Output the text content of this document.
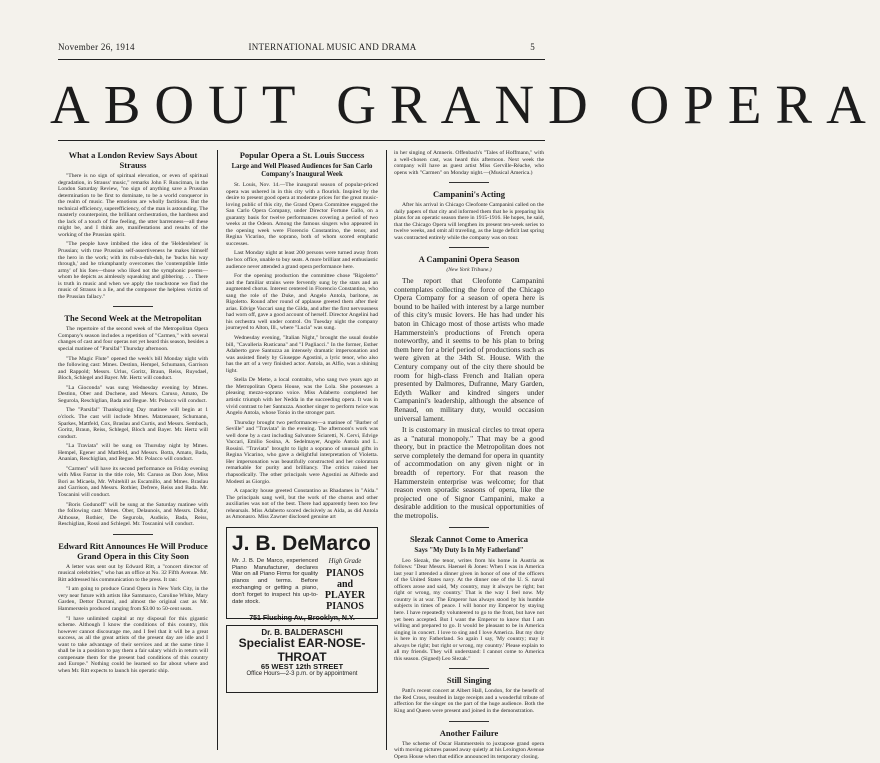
November 26, 1914	INTERNATIONAL MUSIC AND DRAMA	5
ABOUT GRAND OPERA
What a London Review Says About Strauss

"There is no sign of spiritual elevation, or even of spiritual degradation, in Strauss' music," remarks John F. Runciman, in the London Saturday Review, "no sign of anything save a Prussian determination to be first to dominate, to be a world conqueror in the realm of music. The emotions are wholly factitious. But the technical efficiency, superefficiency, of the man is astounding. The masterly counterpoint, the brilliant orchestration, the hardness and the lack of a touch of fine feeling, the utter barrenness—all these might be, and I think are, manifestations and results of the working of the Prussian spirit.

"The people have imbibed the idea of the 'Heldenleben' is Prussian; with true Prussian self-assertiveness he makes himself the hero in the work; with its rub-a-dub-dub, he 'bucks his way through,' and he triumphantly overcomes the 'contemptible little army' of his foes—those who liked not the symphonic poems—whom he depicts as aimlessly squeaking and gibbering. . . . There is truth in music and when we apply the touchstone we find the music of Strauss is a lie, and the composer the helpless victim of the Prussian fallacy."

The Second Week at the Metropolitan

The repertoire of the second week of the Metropolitan Opera Company's season includes a repetition of "Carmen," with several changes of cast and four operas not yet heard this season, besides a special matinee of "Parsifal" Thursday afternoon.

"The Magic Flute" opened the week's bill Monday night with the following cast: Mmes. Destinn, Hempel, Schumann, Garrison and Rappold; Messrs. Urlus, Goritz, Braun, Reiss, Ruysdael, Bloch, Schlegel and Bayer. Mr. Hertz will conduct.

"La Gioconda" was sung Wednesday evening by Mmes. Destinn, Ober and Duchene, and Messrs. Caruso, Amato, De Segurola, Reschiglian, Bada and Begue. Mr. Polacco will conduct.

The "Parsifal" Thanksgiving Day matinee will begin at 1 o'clock. The cast will include Mmes. Matzenauer, Schumann, Sparkes, Mattfeld, Cox, Braslau and Curtis, and Messrs. Sembach, Goritz, Braun, Reiss, Schlegel, Bloch and Bayer. Mr. Hertz will conduct.

"La Traviata" will be sung on Thursday night by Mmes. Hempel, Egener and Mattfeld, and Messrs. Botta, Amato, Bada, Ananian, Reschiglian, and Begue. Mr. Polacco will conduct.

"Carmen" will have its second performance on Friday evening with Miss Farrar in the title role, Mr. Caruso as Don Jose, Miss Bori as Micaela, Mr. Whitehill as Escamillo, and Mmes. Braslau and Garrison, and Messrs. Rothier, Defrere, Reiss and Bada. Mr. Toscanini will conduct.

"Boris Godunoff" will be sung at the Saturday matinee with the following cast: Mmes. Ober, Delaunois, and Messrs. Didur, Althouse, Rothier, De Segurola, Audisio, Bada, Reiss, Reschiglian, Rossi and Schlegel. Mr. Toscanini will conduct.

Edward Ritt Announces He Will Produce Grand Opera in this City Soon

A letter was sent out by Edward Ritt, a "concert director of musical celebrities," who has an office at No. 32 Fifth Avenue. Mr. Ritt addressed his communication to the press. It ran:

"I am going to produce Grand Opera in New York City, in the very near future with artists like Sammarco, Caroline White, Mary Garden, Dettor Durrani, and almost the original cast as Mr. Hammerstein produced ranging from $3.00 to 50-cent seats.

"I have unlimited capital at my disposal for this gigantic scheme. Although I know the conditions of this country, this however cannot discourage me, and I feel that it will be a great success, as all the great artists of the present day are idle and I want to take advantage of their services and at the same time I shall be in a position to pay them a fair salary which in return will compensate them for the present bad conditions of this country and Europe." Nothing could be learned so far about where and when Mr. Ritt expects to launch his operatic ship.

Popular Opera a St. Louis Success
Large and Well Pleased Audiences for San Carlo Company's Inaugural Week

St. Louis, Nov. 14.—The inaugural season of popular-priced opera was ushered in in this city with a flourish. Inspired by the desire to present good opera at moderate prices for the great music-loving public of this city, the Grand Opera Committee engaged the San Carlo Opera Company, under Director Fortune Gallo, on a guaranty basis for twelve performances covering a period of two weeks at the Odeon. Among the famous singers who appeared in the opening week were Florencio Constantino, the tenor, and Regina Vicarino, the soprano, both of whom scored emphatic successes.

Last Monday night at least 200 persons were turned away from the box office, unable to buy seats. A more brilliant and enthusiastic audience never attended a grand opera performance here.

For the opening production the committee chose "Rigoletto" and the familiar strains were fervently sung by the stars and an augmented chorus. Interest centered in Florencio Constantino, who sang the role of the Duke, and Angelo Antola, baritone, as Rigoletto. Round after round of applause greeted them after their arias. Edvige Vaccari sang the Gilda, and after the first nervousness had worn off, gave a good account of herself. Director Angelini had his orchestra well under control. On Tuesday night the company journeyed to Alton, Ill., where "Lucia" was sung.

Wednesday evening, "Italian Night," brought the usual double bill, "Cavalleria Rusticana" and "I Pagliacci." In the former, Esther Adaberto gave Santuzza an intensely dramatic impersonation and was assisted finely by Giuseppe Agostini, a lyric tenor, who also has the art of a very finished actor. Antola, as Alfio, was a shining light.

Stella De Mette, a local contralto, who sang two years ago at the Metropolitan Opera House, was the Lola. She possesses a pleasing mezzo-soprano voice. Miss Adaberto completed her artistic triumph with her Nedda in the succeeding opera. It was in vivid contrast to her Santuzza. Another singer to perform twice was Angelo Antola, whose Tonio in the stronger part.

Thursday brought two performances—a matinee of "Barber of Seville" and "Traviata" in the evening. The afternoon's work was well done by a cast including Salvatore Sciaretti, N. Cervi, Edvige Vaccari, Emilio Sosina, A. Sedelmayer, Angelo Antola and L. Rossini. "Traviata" brought to light a soprano of unusual gifts in Regina Vicarino, who gave a delightful interpretation of Violetta. Her impersonation was beautifully constructed and her coloratura remarkable for purity and brilliancy. The critics raised her rhapsodically. The other principals were Agostini as Alfredo and Modesti as Giorgio.

A capacity house greeted Constantino as Rhadames in "Aida." The principals sang well, but the work of the chorus and other auxiliaries was not of the best. There had apparently been too few rehearsals. Miss Adaberto scored decisively as Aida, as did Antola as Amonasro. Miss Zawner disclosed genuine art

J. B. DeMarco
Mr. J. B. De Marco, experienced Piano Manufacturer, declares War on all Piano Firms for quality pianos and terms. Before exchanging or getting a piano, don't forget to inspect his up-to-date stock.
High Grade
PIANOS and PLAYER PIANOS
751 Flushing Av., Brooklyn, N.Y.
Dr. B. BALDERASCHI
Specialist EAR-NOSE-THROAT
65 WEST 12th STREET
Office Hours—2-3 p.m. or by appointment

in her singing of Amneris. Offenbach's "Tales of Hoffmann," with a well-chosen cast, was heard this afternoon. Next week the company will have as guest artist Miss Gerville-Réache, who opens with "Carmen" on Monday night.—(Musical America.)

Campanini's Acting

After his arrival in Chicago Cleofonte Campanini called on the daily papers of that city and informed them that he is preparing his plans for an operatic season there in 1915-1916. He hopes, he said, that the Chicago Opera will lengthen its present ten-week series to twelve weeks, and omit all traveling, as the large deficit last spring was contracted entirely while the company was on tour.

A Campanini Opera Season
(New York Tribune.)

The report that Cleofonte Campanini contemplates collecting the force of the Chicago Opera Company for a season of opera here is bound to be hailed with interest by a large number of this city's music lovers. He has had under his baton in Chicago most of those artists who made Hammerstein's productions of French opera noteworthy, and it seems to be his plan to bring them here for a brief period of productions such as were given at the 34th St. House. With the Century company out of the city there should be room for high-class French and Italian opera presented by Dalmores, Dufranne, Mary Garden, Edyth Walker and kindred singers under Campanini's leadership, although the absence of Renaud, on military duty, would occasion universal lament.

It is customary in musical circles to treat opera as a "natural monopoly." That may be a good theory, but in practice the Metropolitan does not serve completely the demand for opera in quantity of accommodation on any given night or in breadth of repertory. For that reason the Hammerstein enterprise was welcome; for that reason even sporadic seasons of opera, like the projected one of Signor Campanini, make a desirable addition to the musical opportunities of the metropolis.

Slezak Cannot Come to America
Says "My Duty Is In My Fatherland"

Leo Slezak, the tenor, writes from his home in Austria as follows: "Dear Messrs. Haensel & Jones: When I was in America last year I attended a dinner given in honor of one of the officers of the United States navy. At the dinner one of the U. S. naval officers arose and said, 'My country, may it always be right; but right or wrong, my country.' That is the way I feel now. My country is at war. The Emperor has always stood by his humble subjects in times of peace. I will honor my Emperor by staying here. I have repeatedly volunteered to go to the front, but have not yet been accepted. But I want the Emperor to know that I am willing and prepared to go. It would be pleasant to be in America singing in concert. I love to sing and I love America. But my duty is here in my Fatherland. So again I say, 'My country; may it always be right; but right or wrong, my country.' Please explain to all my friends. They will understand: I cannot come to America this season. (Signed) Leo Slezak."

Still Singing

Patti's recent concert at Albert Hall, London, for the benefit of the Red Cross, resulted in large receipts and a wonderful tribute of affection for the singer on the part of the huge audience. Both the King and Queen were present and joined in the demonstration.

Another Failure

The scheme of Oscar Hammerstein to juxtapose grand opera with moving pictures passed away quietly at his Lexington Avenue Opera House when that edifice announced its temporary closing.
